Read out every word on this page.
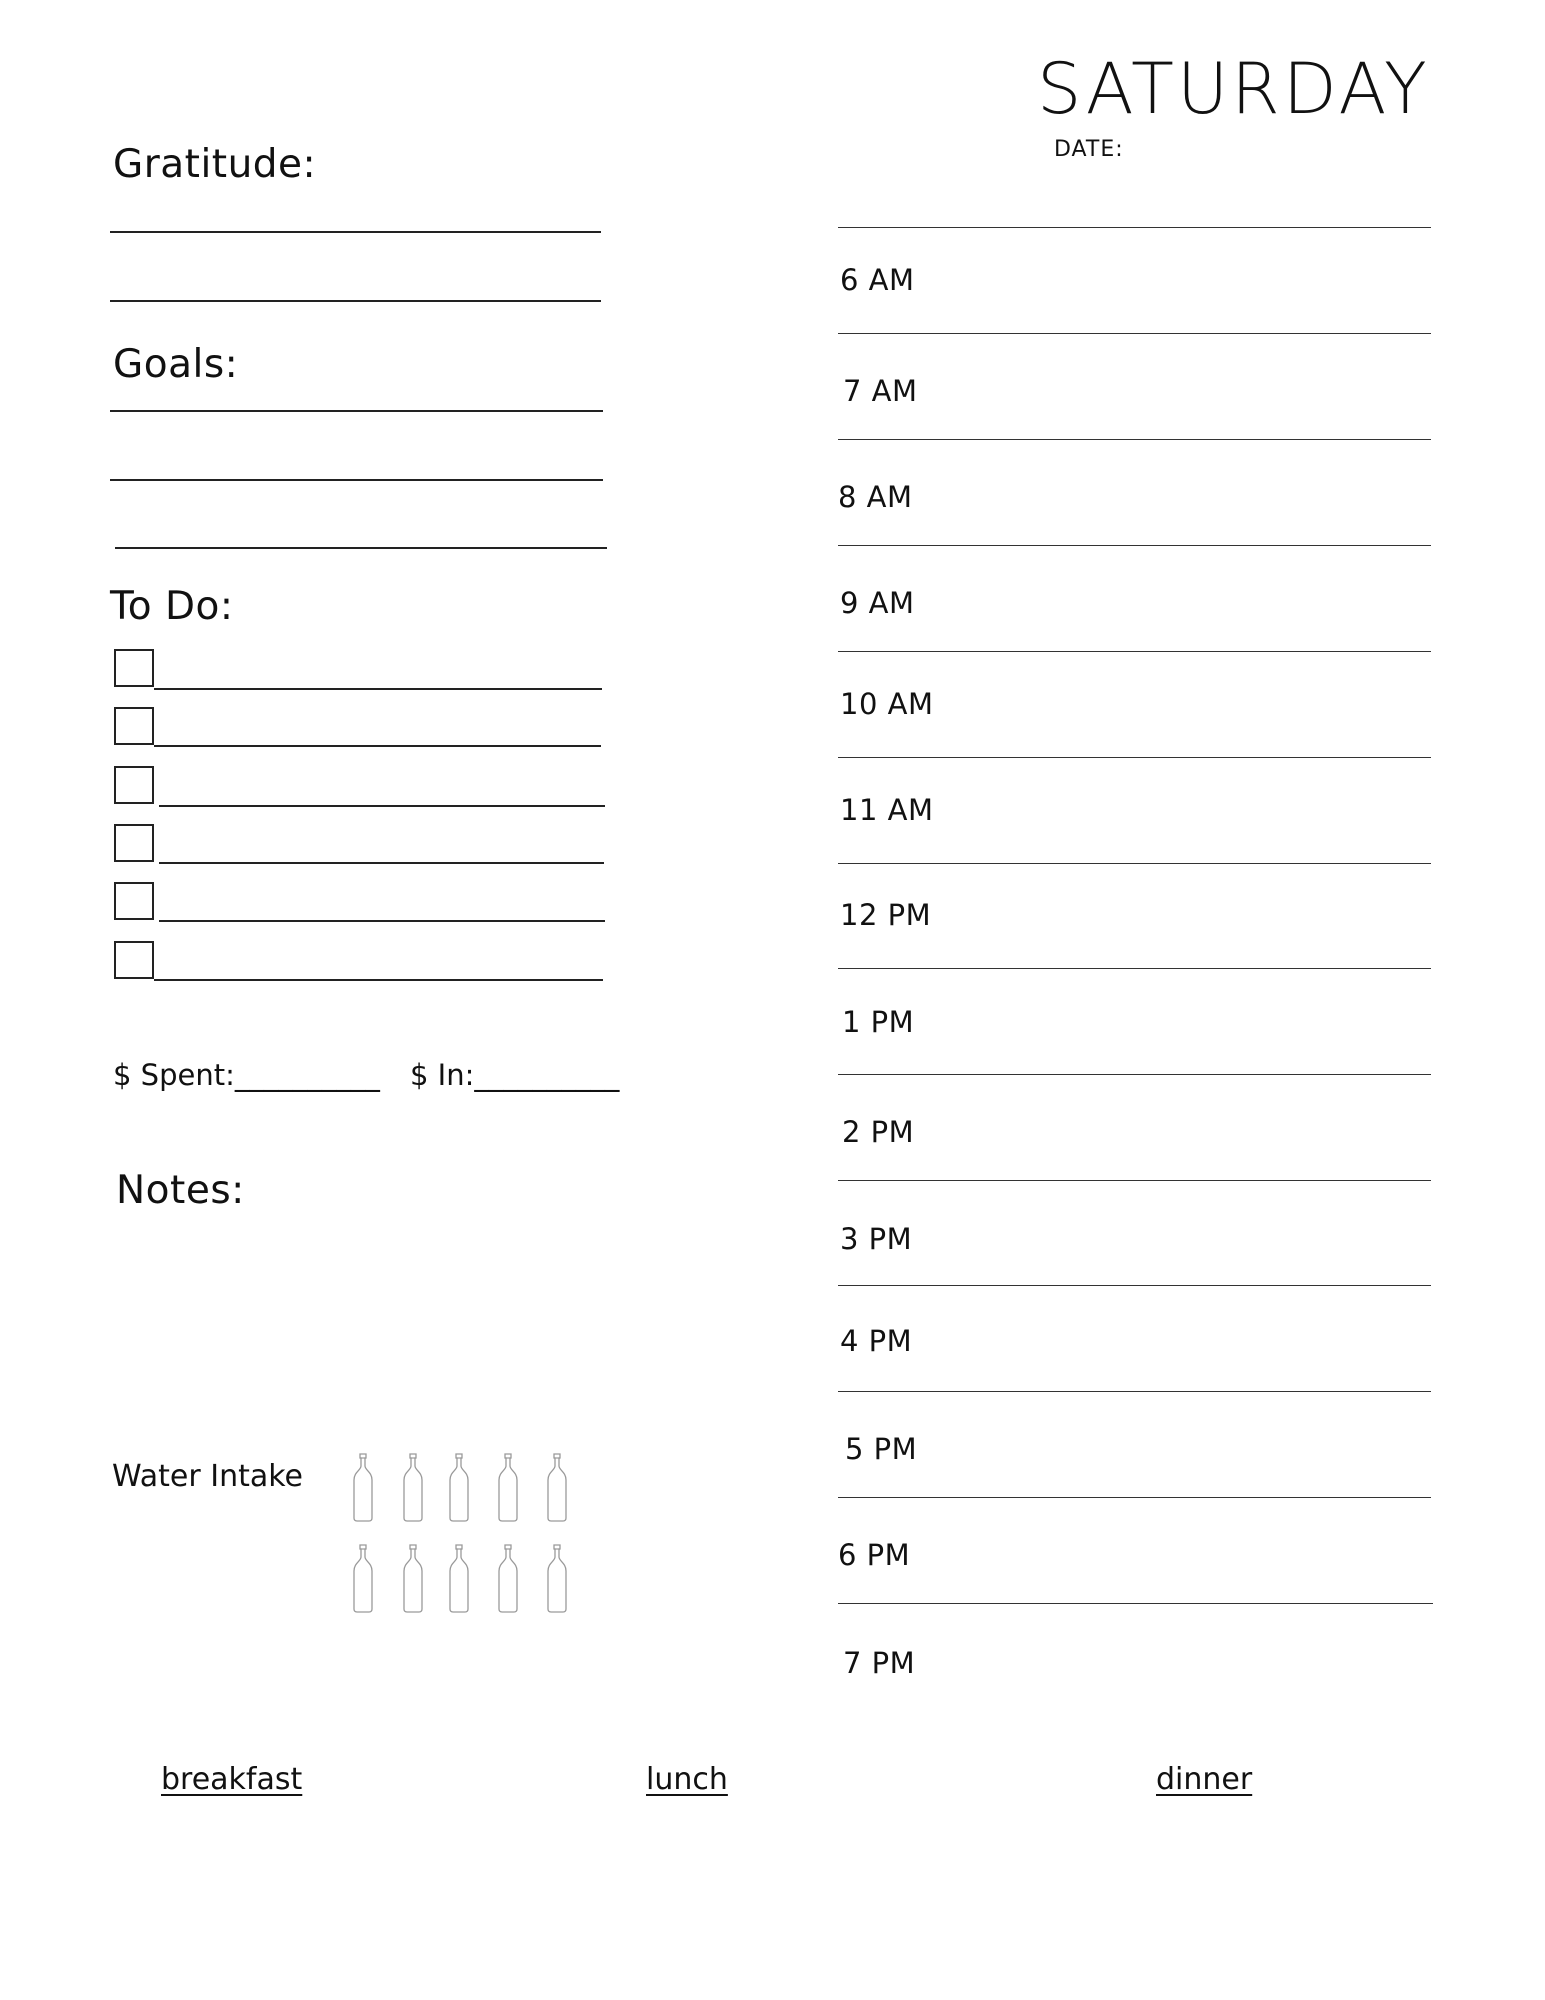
SATURDAY
DATE:
Gratitude:
Goals:
To Do:
$ Spent:__________ $ In:__________
Notes:
Water Intake
6 AM
7 AM
8 AM
9 AM
10 AM
11 AM
12 PM
1 PM
2 PM
3 PM
4 PM
5 PM
6 PM
7 PM
breakfast	lunch	dinner
